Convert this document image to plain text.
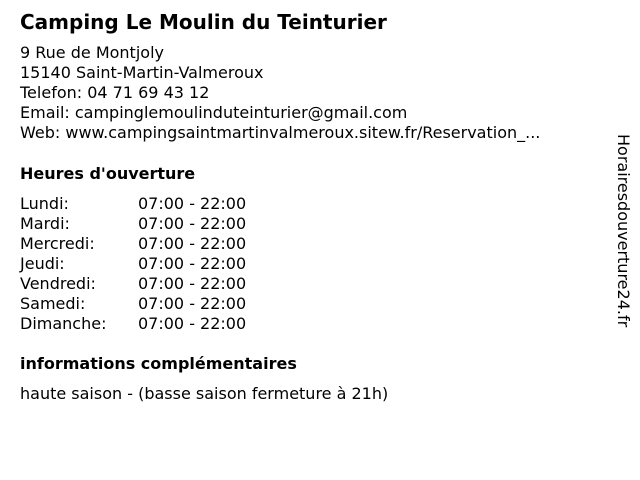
Camping Le Moulin du Teinturier
9 Rue de Montjoly
15140 Saint-Martin-Valmeroux
Telefon: 04 71 69 43 12
Email: campinglemoulinduteinturier@gmail.com
Web: www.campingsaintmartinvalmeroux.sitew.fr/Reservation_...
Heures d'ouverture
Lundi:	07:00 - 22:00
Mardi:	07:00 - 22:00
Mercredi:	07:00 - 22:00
Jeudi:	07:00 - 22:00
Vendredi:	07:00 - 22:00
Samedi:	07:00 - 22:00
Dimanche: 07:00 - 22:00
informations complémentaires
haute saison - (basse saison fermeture à 21h)
Horairesdouverture24.fr
